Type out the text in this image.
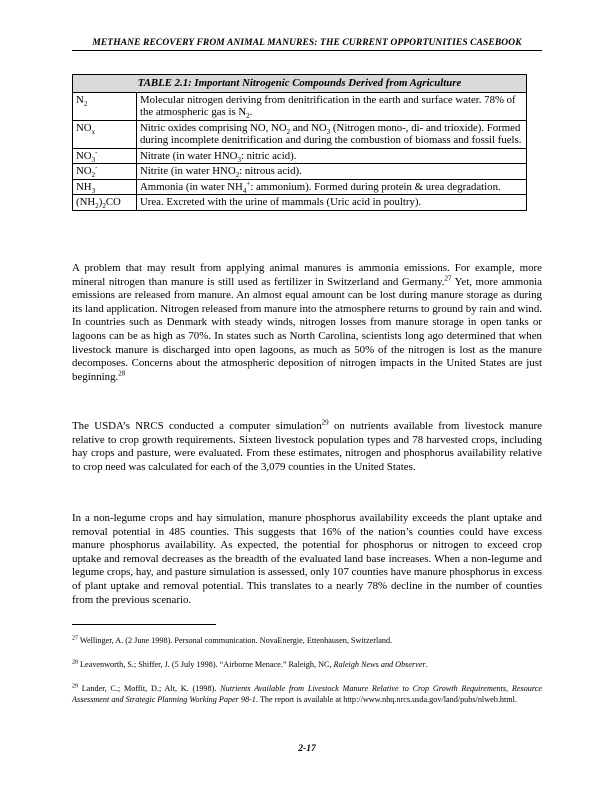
METHANE RECOVERY FROM ANIMAL MANURES: THE CURRENT OPPORTUNITIES CASEBOOK
TABLE 2.1: Important Nitrogenic Compounds Derived from Agriculture	
$N_2$	Molecular nitrogen deriving from denitrification in the earth and surface water. 78% of the atmospheric gas is $N_2$.
$NO_x$	Nitric oxides comprising NO, $NO_2$ and $NO_3$ (Nitrogen mono-, di- and trioxide). Formed during incomplete denitrification and during the combustion of biomass and fossil fuels.
$NO_3^-$	Nitrate (in water $HNO_3$: nitric acid).
$NO_2^-$	Nitrite (in water $HNO_2$: nitrous acid).
$NH_3$	Ammonia (in water $NH_4^+$: ammonium). Formed during protein & urea degradation.
$(NH_2)_2CO$	Urea. Excreted with the urine of mammals (Uric acid in poultry).

A problem that may result from applying animal manures is ammonia emissions. For example, more mineral nitrogen than manure is still used as fertilizer in Switzerland and Germany.$^{27}$ Yet, more ammonia emissions are released from manure. An almost equal amount can be lost during manure storage as during its land application. Nitrogen released from manure into the atmosphere returns to ground by rain and wind. In countries such as Denmark with steady winds, nitrogen losses from manure storage in open tanks or lagoons can be as high as 70%. In states such as North Carolina, scientists long ago determined that when livestock manure is discharged into open lagoons, as much as 50% of the nitrogen is lost as the manure decomposes. Concerns about the atmospheric deposition of nitrogen impacts in the United States are just beginning.$^{28}$

The USDA’s NRCS conducted a computer simulation$^{29}$ on nutrients available from livestock manure relative to crop growth requirements. Sixteen livestock population types and 78 harvested crops, including hay crops and pasture, were evaluated. From these estimates, nitrogen and phosphorus availability relative to crop need was calculated for each of the 3,079 counties in the United States.

In a non-legume crops and hay simulation, manure phosphorus availability exceeds the plant uptake and removal potential in 485 counties. This suggests that 16% of the nation’s counties could have excess manure phosphorus availability. As expected, the potential for phosphorus or nitrogen to exceed crop uptake and removal decreases as the breadth of the evaluated land base increases. When a non-legume and legume crops, hay, and pasture simulation is assessed, only 107 counties have manure phosphorus in excess of plant uptake and removal potential. This translates to a nearly 78% decline in the number of counties from the previous scenario.

$^{27}$ Wellinger, A. (2 June 1998). Personal communication. NovaEnergie, Ettenhausen, Switzerland.
$^{28}$ Leavenworth, S.; Shiffer, J. (5 July 1998). “Airborne Menace.” Raleigh, NC, Raleigh News and Observer.
$^{29}$ Lander, C.; Moffit, D.; Alt, K. (1998). Nutrients Available from Livestock Manure Relative to Crop Growth Requirements, Resource Assessment and Strategic Planning Working Paper 98-1. The report is available at http://www.nhq.nrcs.usda.gov/land/pubs/nlweb.html.
2-17
